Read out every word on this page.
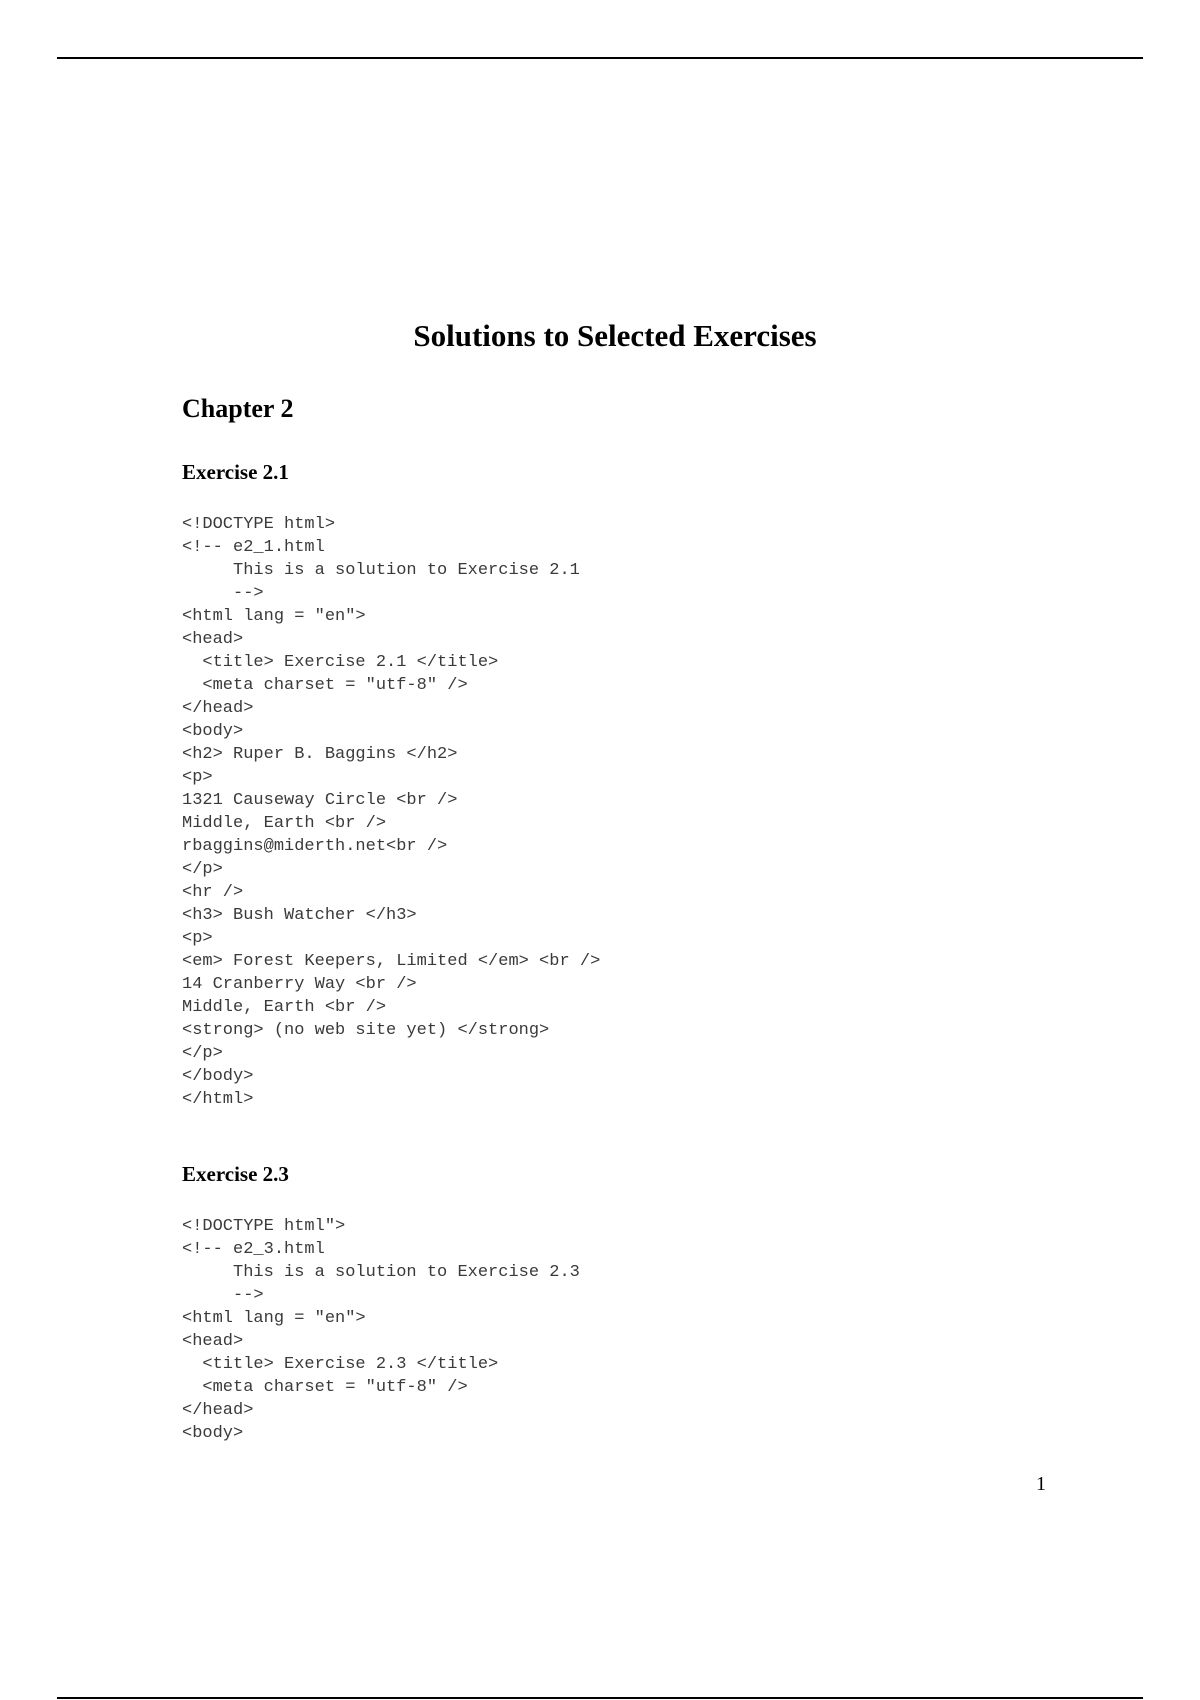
Solutions to Selected Exercises
Chapter 2
Exercise 2.1
<!DOCTYPE html>
<!-- e2_1.html
This is a solution to Exercise 2.1
-->
<html lang = "en">
<head>
<title> Exercise 2.1 </title>
<meta charset = "utf-8" />
</head>
<body>
<h2> Ruper B. Baggins </h2>
<p>
1321 Causeway Circle <br />
Middle, Earth <br />
rbaggins@miderth.net<br />
</p>
<hr />
<h3> Bush Watcher </h3>
<p>
<em> Forest Keepers, Limited </em> <br />
14 Cranberry Way <br />
Middle, Earth <br />
<strong> (no web site yet) </strong>
</p>
</body>
</html>
Exercise 2.3
<!DOCTYPE html">
<!-- e2_3.html
This is a solution to Exercise 2.3
-->
<html lang = "en">
<head>
<title> Exercise 2.3 </title>
<meta charset = "utf-8" />
</head>
<body>
1
